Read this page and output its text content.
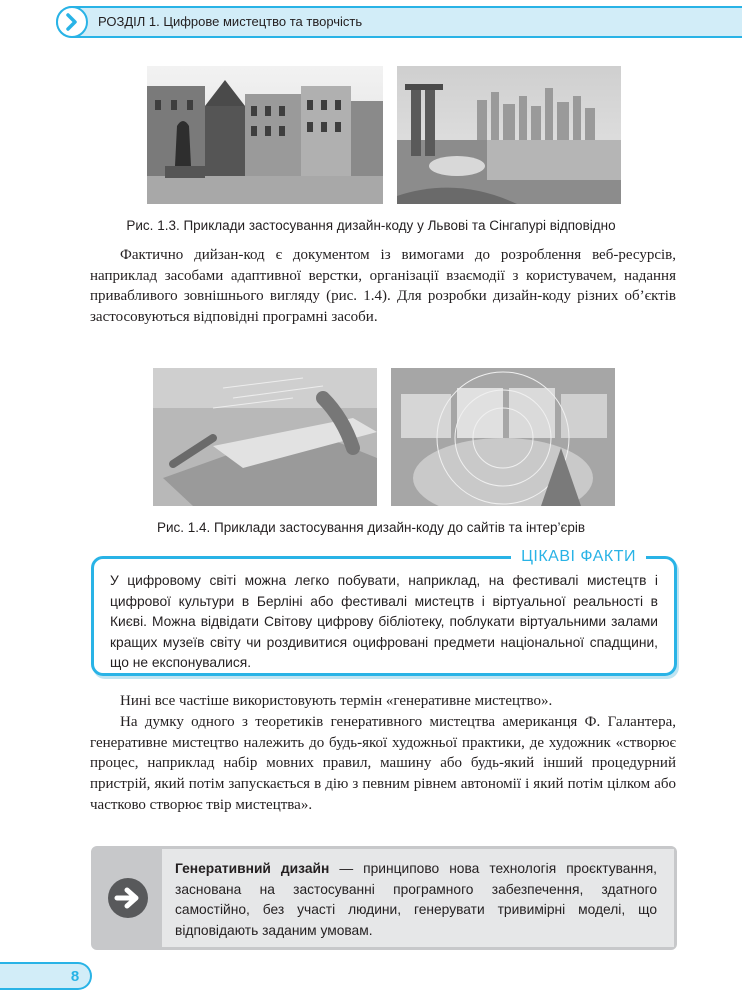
РОЗДІЛ 1. Цифрове мистецтво та творчість
Рис. 1.3. Приклади застосування дизайн-коду у Львові та Сінгапурі відповідно

Фактично дийзан-код є документом із вимогами до розроблення веб-ресурсів, наприклад засобами адаптивної верстки, організації взаємодії з користувачем, надання привабливого зовнішнього вигляду (рис. 1.4). Для розробки дизайн-коду різних об’єктів застосовуються відповідні програмні засоби.

Рис. 1.4. Приклади застосування дизайн-коду до сайтів та інтер’єрів
ЦІКАВІ ФАКТИ
У цифровому світі можна легко побувати, наприклад, на фестивалі мистецтв і цифрової культури в Берліні або фестивалі мистецтв і віртуальної реальності в Києві. Можна відвідати Світову цифрову бібліотеку, поблукати віртуальними залами кращих музеїв світу чи роздивитися оцифровані предмети національної спадщини, що не експонувалися.

Нині все частіше використовують термін «генеративне мистецтво».

На думку одного з теоретиків генеративного мистецтва американця Ф. Галантера, генеративне мистецтво належить до будь-якої художньої практики, де художник «створює процес, наприклад набір мовних правил, машину або будь-який інший процедурний пристрій, який потім запускається в дію з певним рівнем автономії і який потім цілком або частково створює твір мистецтва».

Генеративний дизайн — принципово нова технологія проєктування, заснована на застосуванні програмного забезпечення, здатного самостійно, без участі людини, генерувати тривимірні моделі, що відповідають заданим умовам.
8
